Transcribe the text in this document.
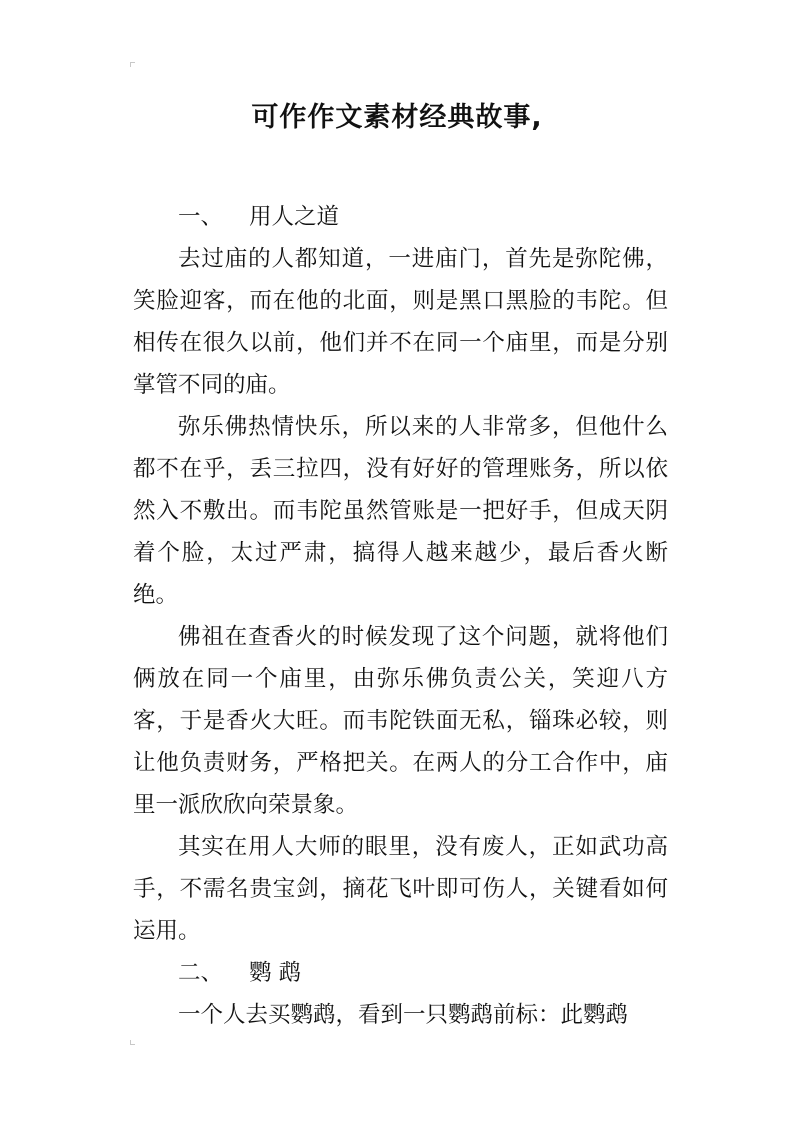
可作作文素材经典故事,

一、 用人之道

去过庙的人都知道，一进庙门，首先是弥陀佛，笑脸迎客，而在他的北面，则是黑口黑脸的韦陀。但相传在很久以前，他们并不在同一个庙里，而是分别掌管不同的庙。

弥乐佛热情快乐，所以来的人非常多，但他什么都不在乎，丢三拉四，没有好好的管理账务，所以依然入不敷出。而韦陀虽然管账是一把好手，但成天阴着个脸，太过严肃，搞得人越来越少，最后香火断绝。

佛祖在查香火的时候发现了这个问题，就将他们俩放在同一个庙里，由弥乐佛负责公关，笑迎八方客，于是香火大旺。而韦陀铁面无私，锱珠必较，则让他负责财务，严格把关。在两人的分工合作中，庙里一派欣欣向荣景象。

其实在用人大师的眼里，没有废人，正如武功高手，不需名贵宝剑，摘花飞叶即可伤人，关键看如何运用。

二、 鹦 鹉

一个人去买鹦鹉，看到一只鹦鹉前标：此鹦鹉
